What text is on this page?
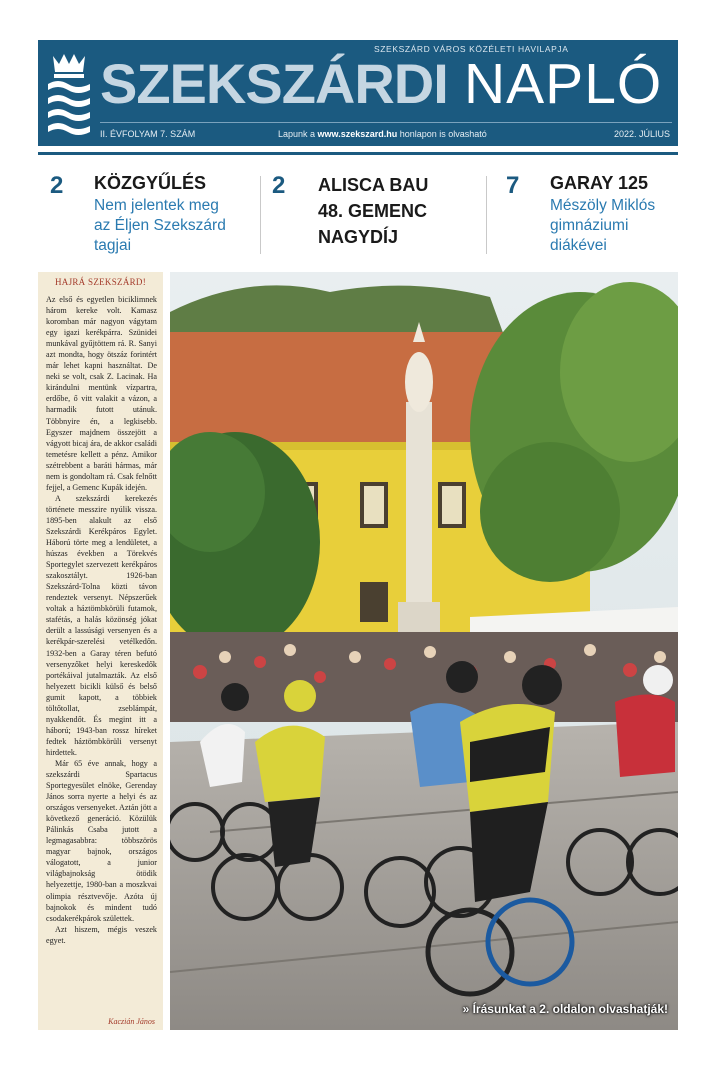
SZEKSZÁRD VÁROS KÖZÉLETI HAVILAPJA
SZEKSZÁRDI NAPLÓ
II. ÉVFOLYAM 7. SZÁM	Lapunk a www.szekszard.hu honlapon is olvasható	2022. JÚLIUS
2 KÖZGYŰLÉS
Nem jelentek meg
az Éljen Szekszárd
tagjai
2 ALISCA BAU
48. GEMENC
NAGYDÍJ
7 GARAY 125
Mészöly Miklós
gimnáziumi
diákévei
HAJRÁ SZEKSZÁRD!

Az első és egyetlen biciklimnek három kereke volt. Kamasz koromban már nagyon vágytam egy igazi kerékpárra. Szünidei munkával gyűjtöttem rá. R. Sanyi azt mondta, hogy ötszáz forintért már lehet kapni használtat. De neki se volt, csak Z. Lacinak. Ha kirándulni mentünk vízpartra, erdőbe, ő vitt valakit a vázon, a harmadik futott utánuk. Többnyire én, a legkisebb. Egyszer majdnem összejött a vágyott bicaj ára, de akkor családi temetésre kellett a pénz. Amikor szétrebbent a baráti hármas, már nem is gondoltam rá. Csak felnőtt fejjel, a Gemenc Kupák idején.

A szekszárdi kerekezés története messzire nyúlik vissza. 1895-ben alakult az első Szekszárdi Kerékpáros Egylet. Háború törte meg a lendületet, a húszas években a Törekvés Sportegylet szervezett kerékpáros szakosztályt. 1926-ban Szekszárd-Tolna közti távon rendeztek versenyt. Népszerűek voltak a háztömbkörüli futamok, stafétás, a halás közönség jókat derült a lassúsági versenyen és a kerékpár-szerelési vetélkedőn. 1932-ben a Garay téren befutó versenyzőket helyi kereskedők portékáival jutalmazták. Az első helyezett bicikli külső és belső gumit kapott, a többiek töltőtollat, zseblámpát, nyakkendőt. És megint itt a háború; 1943-ban rossz híreket fedtek háztömbkörüli versenyt hirdettek.

Már 65 éve annak, hogy a szekszárdi Spartacus Sportegyesület elnöke, Gerenday János sorra nyerte a helyi és az országos versenyeket. Aztán jött a következő generáció. Közülük Pálinkás Csaba jutott a legmagasabbra: többszörös magyar bajnok, országos válogatott, a junior világbajnokság ötödik helyezettje, 1980-ban a moszkvai olimpia résztvevője. Azóta új bajnokok és mindent tudó csodakerékpárok születtek.

Azt hiszem, mégis veszek egyet.

Kaczián János
» Írásunkat a 2. oldalon olvashatják!
